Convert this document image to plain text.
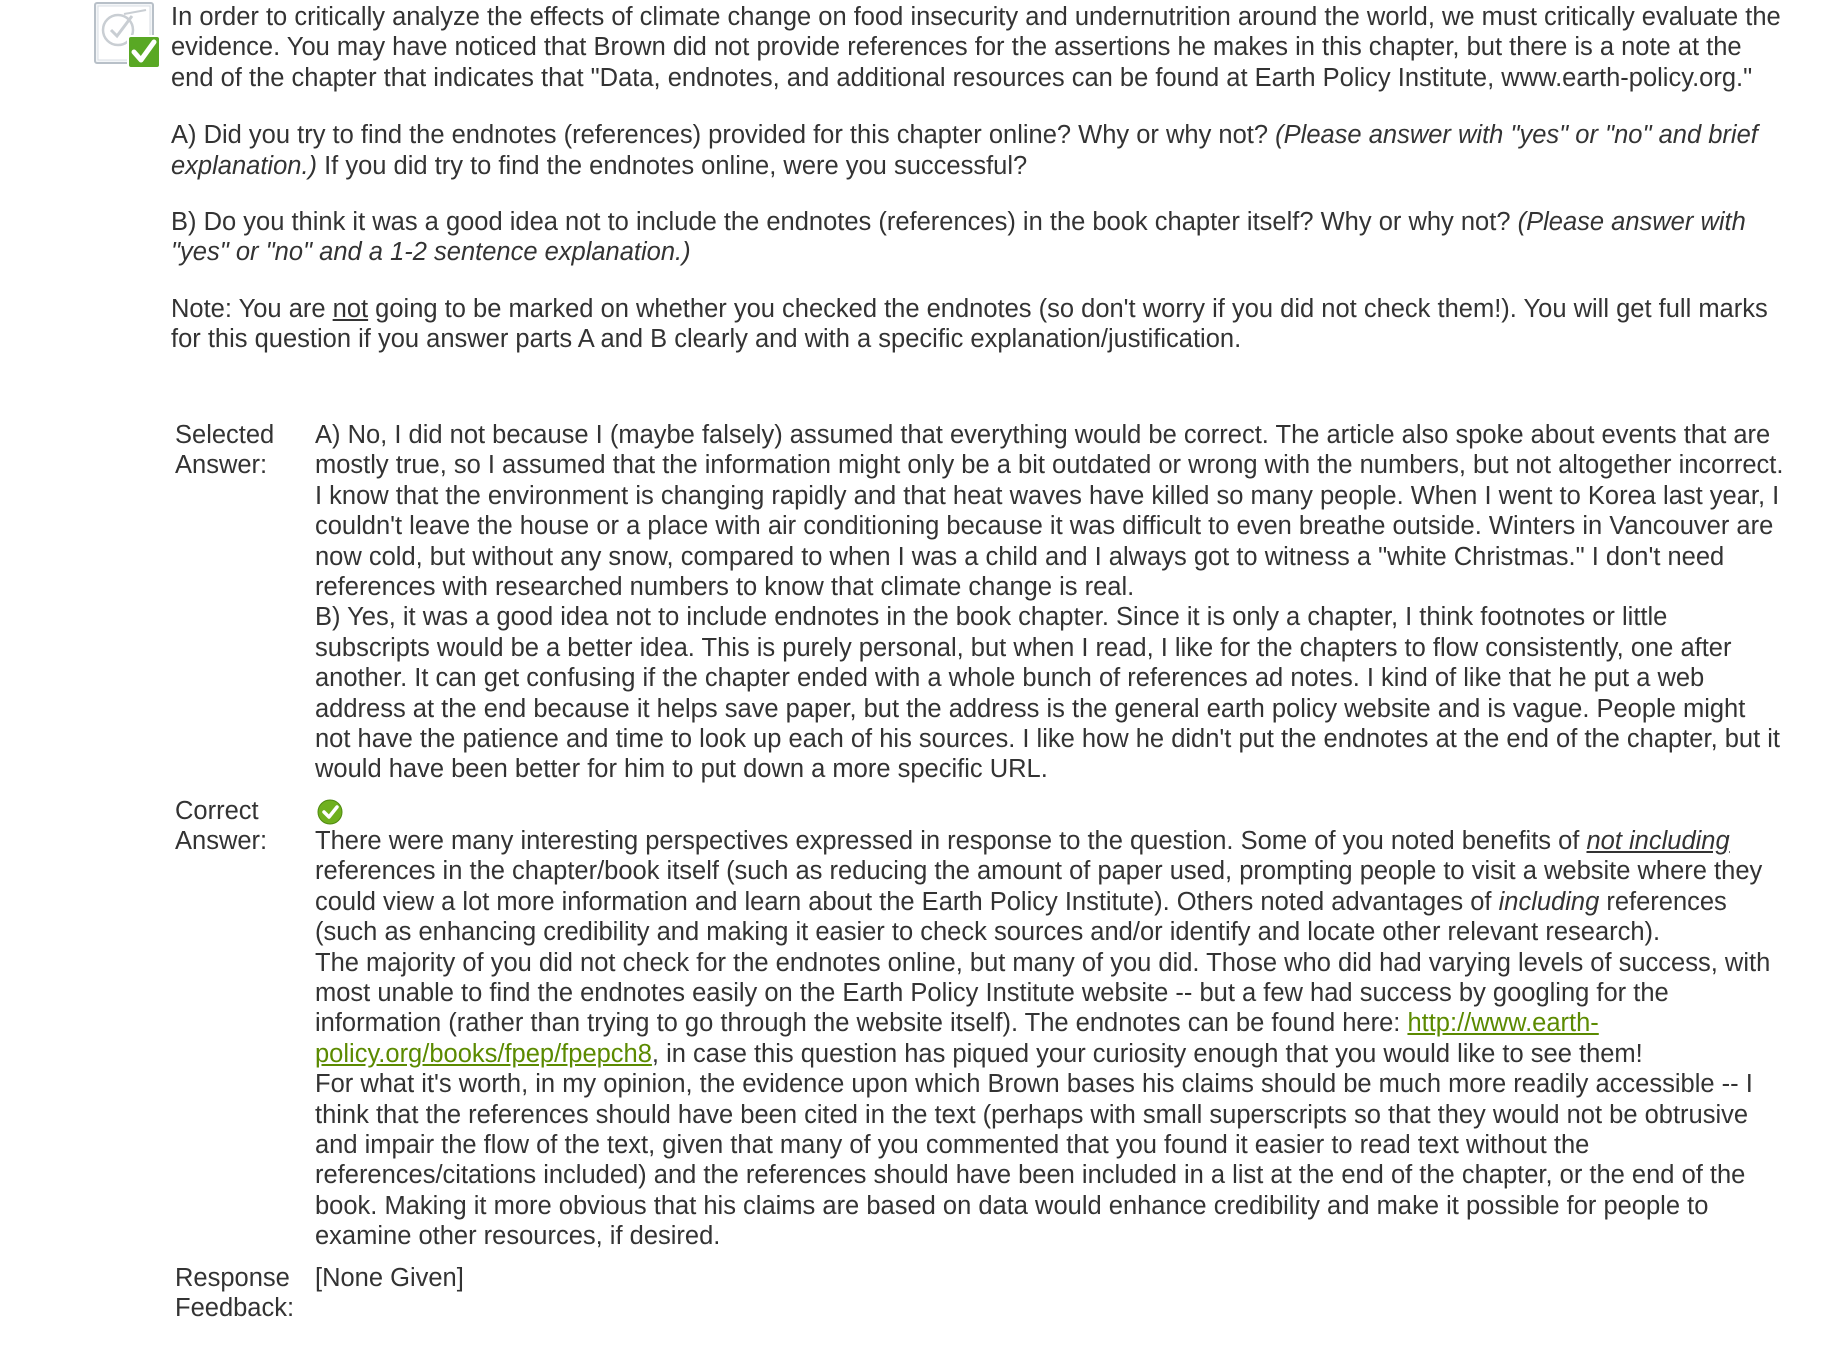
In order to critically analyze the effects of climate change on food insecurity and undernutrition around the world, we must critically evaluate the evidence. You may have noticed that Brown did not provide references for the assertions he makes in this chapter, but there is a note at the end of the chapter that indicates that "Data, endnotes, and additional resources can be found at Earth Policy Institute, www.earth-policy.org."

A) Did you try to find the endnotes (references) provided for this chapter online? Why or why not? (Please answer with "yes" or "no" and brief explanation.) If you did try to find the endnotes online, were you successful?

B) Do you think it was a good idea not to include the endnotes (references) in the book chapter itself? Why or why not? (Please answer with "yes" or "no" and a 1-2 sentence explanation.)

Note: You are not going to be marked on whether you checked the endnotes (so don't worry if you did not check them!). You will get full marks for this question if you answer parts A and B clearly and with a specific explanation/justification.

Selected
Answer:

A) No, I did not because I (maybe falsely) assumed that everything would be correct. The article also spoke about events that are mostly true, so I assumed that the information might only be a bit outdated or wrong with the numbers, but not altogether incorrect. I know that the environment is changing rapidly and that heat waves have killed so many people. When I went to Korea last year, I couldn't leave the house or a place with air conditioning because it was difficult to even breathe outside. Winters in Vancouver are now cold, but without any snow, compared to when I was a child and I always got to witness a "white Christmas." I don't need references with researched numbers to know that climate change is real.

B) Yes, it was a good idea not to include endnotes in the book chapter. Since it is only a chapter, I think footnotes or little subscripts would be a better idea. This is purely personal, but when I read, I like for the chapters to flow consistently, one after another. It can get confusing if the chapter ended with a whole bunch of references ad notes. I kind of like that he put a web address at the end because it helps save paper, but the address is the general earth policy website and is vague. People might not have the patience and time to look up each of his sources. I like how he didn't put the endnotes at the end of the chapter, but it would have been better for him to put down a more specific URL.

Correct
Answer:	There were many interesting perspectives expressed in response to the question. Some of you noted benefits of not including references in the chapter/book itself (such as reducing the amount of paper used, prompting people to visit a website where they could view a lot more information and learn about the Earth Policy Institute). Others noted advantages of including references (such as enhancing credibility and making it easier to check sources and/or identify and locate other relevant research).

The majority of you did not check for the endnotes online, but many of you did. Those who did had varying levels of success, with most unable to find the endnotes easily on the Earth Policy Institute website -- but a few had success by googling for the information (rather than trying to go through the website itself). The endnotes can be found here: http://www.earth-policy.org/books/fpep/fpepch8, in case this question has piqued your curiosity enough that you would like to see them!

For what it's worth, in my opinion, the evidence upon which Brown bases his claims should be much more readily accessible -- I think that the references should have been cited in the text (perhaps with small superscripts so that they would not be obtrusive and impair the flow of the text, given that many of you commented that you found it easier to read text without the references/citations included) and the references should have been included in a list at the end of the chapter, or the end of the book. Making it more obvious that his claims are based on data would enhance credibility and make it possible for people to examine other resources, if desired.

Response
Feedback:
[None Given]
